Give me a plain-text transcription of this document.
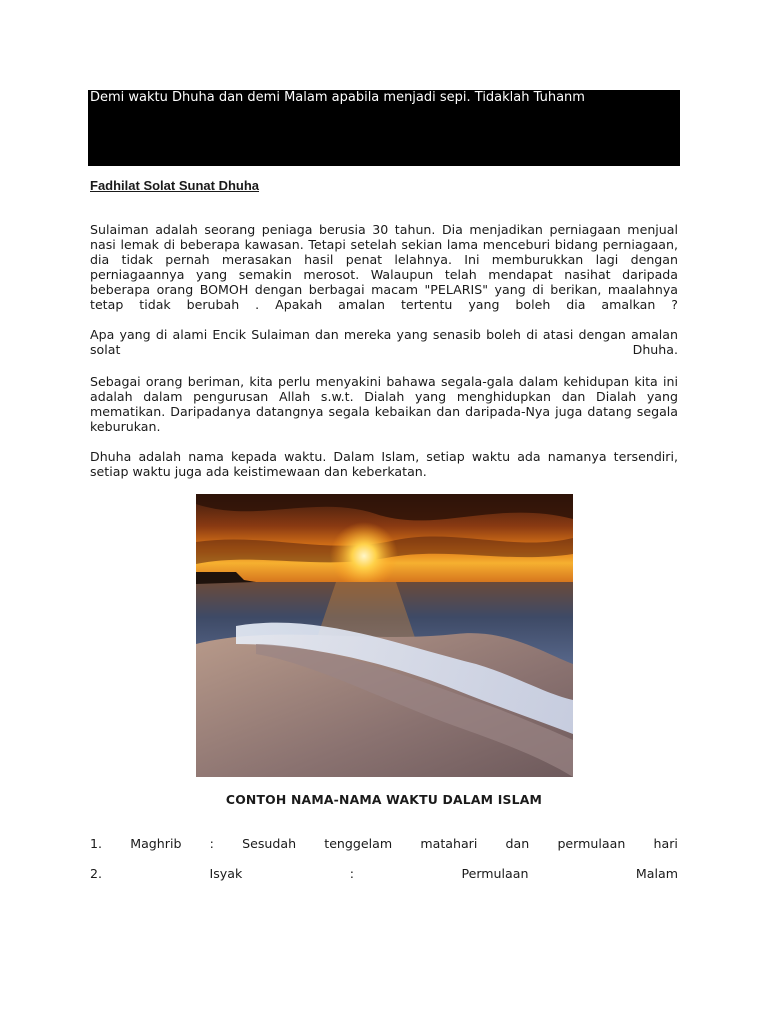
Demi waktu Dhuha dan demi Malam apabila menjadi sepi. Tidaklah Tuhanm
Fadhilat Solat Sunat Dhuha
Sulaiman adalah seorang peniaga berusia 30 tahun. Dia menjadikan perniagaan menjual nasi lemak di beberapa kawasan. Tetapi setelah sekian lama menceburi bidang perniagaan, dia tidak pernah merasakan hasil penat lelahnya. Ini memburukkan lagi dengan perniagaannya yang semakin merosot. Walaupun telah mendapat nasihat daripada beberapa orang BOMOH dengan berbagai macam "PELARIS" yang di berikan, maalahnya tetap tidak berubah . Apakah amalan tertentu yang boleh dia amalkan ?
Apa yang di alami Encik Sulaiman dan mereka yang senasib boleh di atasi dengan amalan solat Dhuha.
Sebagai orang beriman, kita perlu menyakini bahawa segala-gala dalam kehidupan kita ini adalah dalam pengurusan Allah s.w.t. Dialah yang menghidupkan dan Dialah yang mematikan. Daripadanya datangnya segala kebaikan dan daripada-Nya juga datang segala keburukan.
Dhuha adalah nama kepada waktu. Dalam Islam, setiap waktu ada namanya tersendiri, setiap waktu juga ada keistimewaan dan keberkatan.
CONTOH NAMA-NAMA WAKTU DALAM ISLAM
1. Maghrib : Sesudah tenggelam matahari dan permulaan hari
2.	Isyak	:	Permulaan	Malam
